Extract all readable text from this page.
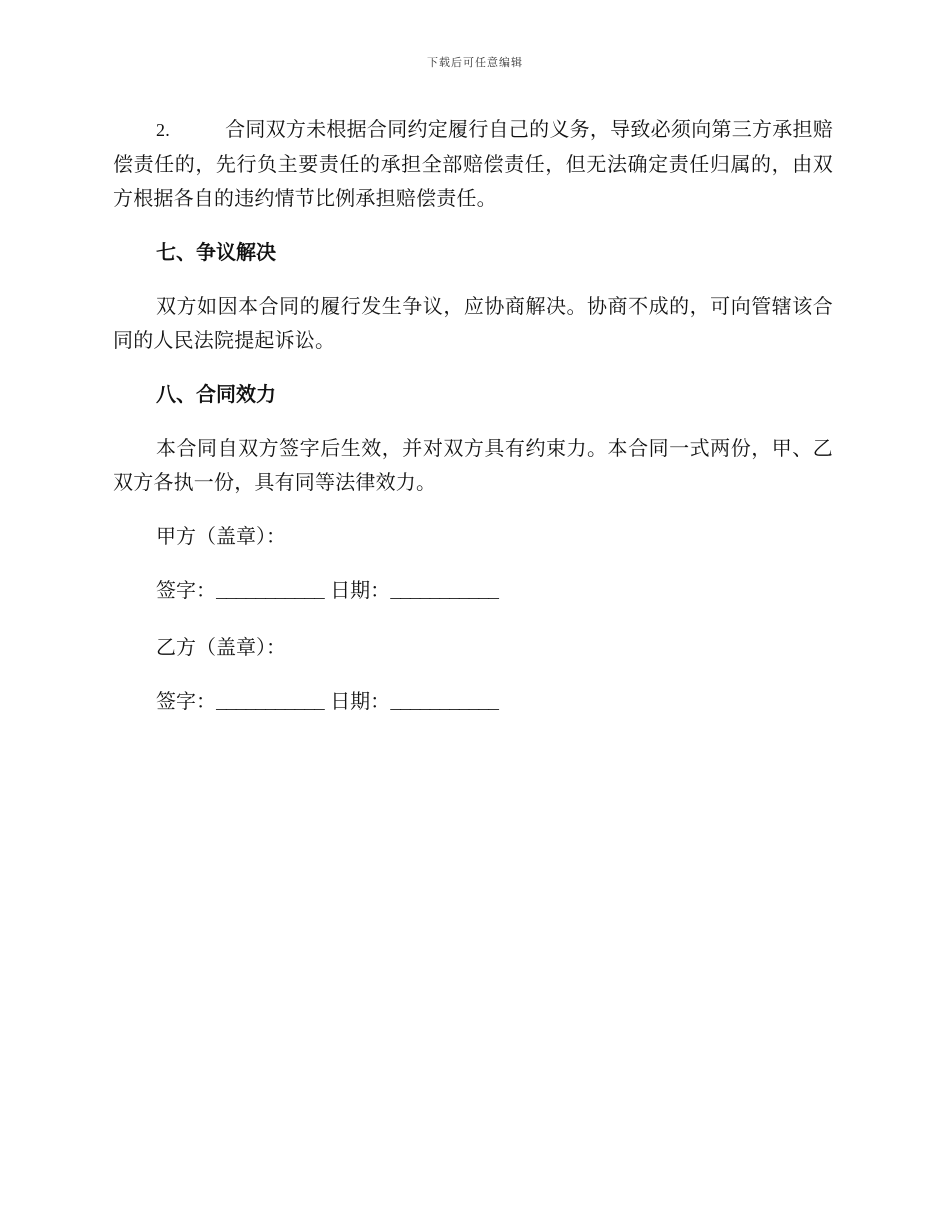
下载后可任意编辑

2.	合同双方未根据合同约定履行自己的义务，导致必须向第三方承担赔偿责任的，先行负主要责任的承担全部赔偿责任，但无法确定责任归属的，由双方根据各自的违约情节比例承担赔偿责任。

七、争议解决

双方如因本合同的履行发生争议，应协商解决。协商不成的，可向管辖该合同的人民法院提起诉讼。

八、合同效力

本合同自双方签字后生效，并对双方具有约束力。本合同一式两份，甲、乙双方各执一份，具有同等法律效力。

甲方（盖章）：
签字：___________ 日期：___________
乙方（盖章）：
签字：___________ 日期：___________
